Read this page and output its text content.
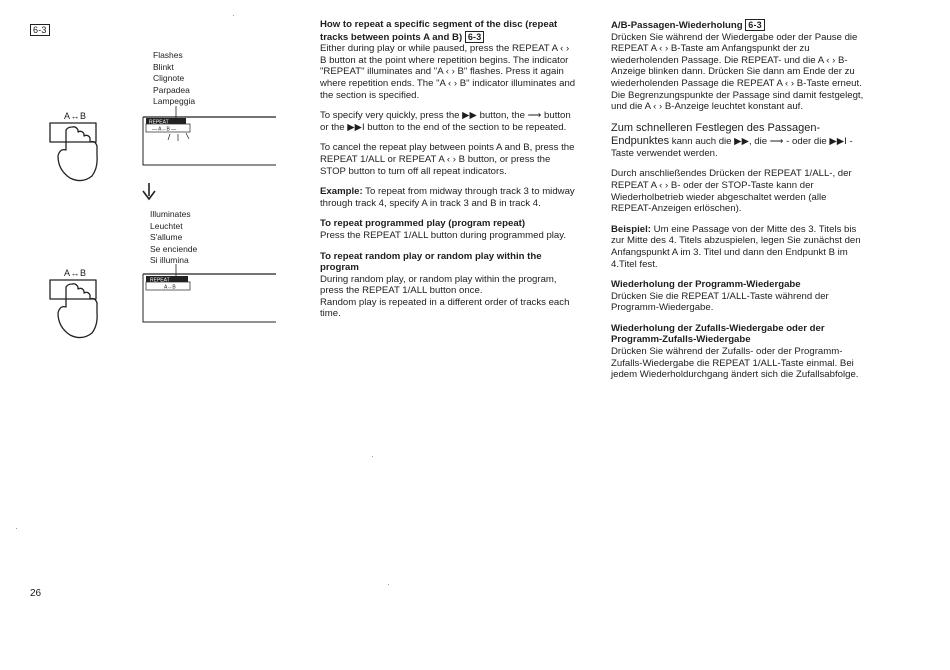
6-3
Flashes
Blinkt
Clignote
Parpadea
Lampeggia
A↔B
REPEAT
— A↔B —
REPEAT
A↔B
Illuminates
Leuchtet
S'allume
Se enciende
Si illumina
A↔B

How to repeat a specific segment of the disc (repeat tracks between points A and B) 6-3
Either during play or while paused, press the REPEAT A ‹ › B button at the point where repetition begins. The indicator "REPEAT" illuminates and "A ‹ › B" flashes. Press it again where repetition ends. The "A ‹ › B" indicator illuminates and the section is specified.

To specify very quickly, press the ▶▶ button, the ⟶ button or the ▶▶I button to the end of the section to be repeated.

To cancel the repeat play between points A and B, press the REPEAT 1/ALL or REPEAT A ‹ › B button, or press the STOP button to turn off all repeat indicators.

Example: To repeat from midway through track 3 to midway through track 4, specify A in track 3 and B in track 4.

To repeat programmed play (program repeat)
Press the REPEAT 1/ALL button during programmed play.

To repeat random play or random play within the program
During random play, or random play within the program, press the REPEAT 1/ALL button once.
Random play is repeated in a different order of tracks each time.

A/B-Passagen-Wiederholung 6-3
Drücken Sie während der Wiedergabe oder der Pause die REPEAT A ‹ › B-Taste am Anfangspunkt der zu wiederholenden Passage. Die REPEAT- und die A ‹ › B-Anzeige blinken dann. Drücken Sie dann am Ende der zu wiederholenden Passage die REPEAT A ‹ › B-Taste erneut. Die Begrenzungspunkte der Passage sind damit festgelegt, und die A ‹ › B-Anzeige leuchtet konstant auf.

Zum schnelleren Festlegen des Passagen-Endpunktes kann auch die ▶▶, die ⟶ - oder die ▶▶I -Taste verwendet werden.

Durch anschließendes Drücken der REPEAT 1/ALL-, der REPEAT A ‹ › B- oder der STOP-Taste kann der Wiederholbetrieb wieder abgeschaltet werden (alle REPEAT-Anzeigen erlöschen).

Beispiel: Um eine Passage von der Mitte des 3. Titels bis zur Mitte des 4. Titels abzuspielen, legen Sie zunächst den Anfangspunkt A im 3. Titel und dann den Endpunkt B im 4.Titel fest.

Wiederholung der Programm-Wiedergabe
Drücken Sie die REPEAT 1/ALL-Taste während der Programm-Wiedergabe.

Wiederholung der Zufalls-Wiedergabe oder der Programm-Zufalls-Wiedergabe
Drücken Sie während der Zufalls- oder der Programm-Zufalls-Wiedergabe die REPEAT 1/ALL-Taste einmal. Bei jedem Wiederholdurchgang ändert sich die Zufallsabfolge.

26
